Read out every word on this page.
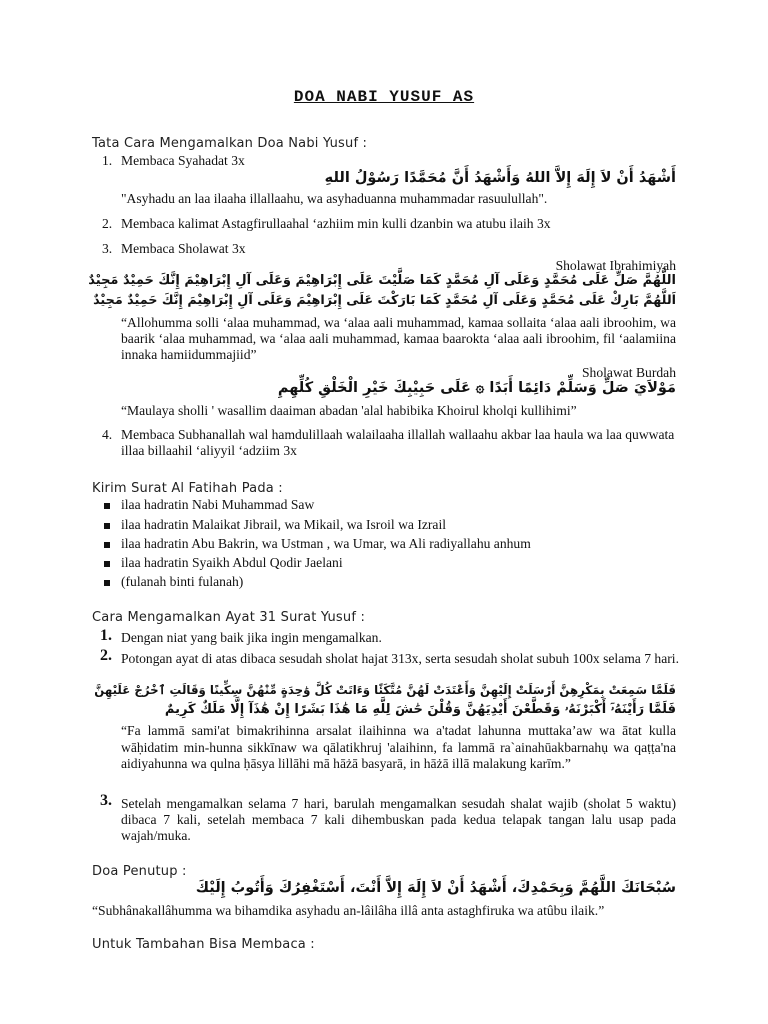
DOA NABI YUSUF AS
Tata Cara Mengamalkan Doa Nabi Yusuf :
1. Membaca Syahadat 3x
أَشْهَدُ أَنْ لاَ إِلَهَ إِلاَّ اللهُ وَأَشْهَدُ أَنَّ مُحَمَّدًا رَسُوْلُ اللهِ
"Asyhadu an laa ilaaha illallaahu, wa asyhaduanna muhammadar rasuulullah".
2. Membaca kalimat Astagfirullaahal ‘azhiim min kulli dzanbin wa atubu ilaih 3x
3. Membaca Sholawat 3x
Sholawat Ibrahimiyah
اللَّهُمَّ صَلِّ عَلَى مُحَمَّدٍ وَعَلَى آلِ مُحَمَّدٍ كَمَا صَلَّيْتَ عَلَى إِبْرَاهِيْمَ وَعَلَى آلِ إِبْرَاهِيْمَ إِنَّكَ حَمِيْدٌ مَجِيْدٌ
اَللَّهُمَّ بَارِكْ عَلَى مُحَمَّدٍ وَعَلَى آلِ مُحَمَّدٍ كَمَا بَارَكْتَ عَلَى إِبْرَاهِيْمَ وَعَلَى آلِ إِبْرَاهِيْمَ إِنَّكَ حَمِيْدٌ مَجِيْدٌ
“Allohumma solli ‘alaa muhammad, wa ‘alaa aali muhammad, kamaa sollaita ‘alaa aali ibroohim, wa baarik ‘alaa muhammad, wa ‘alaa aali muhammad, kamaa baarokta ‘alaa aali ibroohim, fil ‘aalamiina innaka hamiidummajiid”
Sholawat Burdah
مَوْلاَيَ صَلِّ وَسَلِّمْ دَائِمًا أَبَدًا ۞ عَلَى حَبِيْبِكَ خَيْرِ الْخَلْقِ كُلِّهِمِ
“Maulaya sholli ' wasallim daaiman abadan 'alal habibika Khoirul kholqi kullihimi”
4. Membaca Subhanallah wal hamdulillaah walailaaha illallah wallaahu akbar laa haula wa laa quwwata illaa billaahil ‘aliyyil ‘adziim 3x
Kirim Surat Al Fatihah Pada :
ilaa hadratin Nabi Muhammad Saw
ilaa hadratin Malaikat Jibrail, wa Mikail, wa Isroil wa Izrail
ilaa hadratin Abu Bakrin, wa Ustman , wa Umar, wa Ali radiyallahu anhum
ilaa hadratin Syaikh Abdul Qodir Jaelani
(fulanah binti fulanah)
Cara Mengamalkan Ayat 31 Surat Yusuf :
1. Dengan niat yang baik jika ingin mengamalkan.
2. Potongan ayat di atas dibaca sesudah sholat hajat 313x, serta sesudah sholat subuh 100x selama 7 hari.
فَلَمَّا سَمِعَتْ بِمَكْرِهِنَّ أَرْسَلَتْ إِلَيْهِنَّ وَأَعْتَدَتْ لَهُنَّ مُتَّكَئًا وَءَاتَتْ كُلَّ وَٰحِدَةٍ مِّنْهُنَّ سِكِّينًا وَقَالَتِ ٱخْرُجْ عَلَيْهِنَّ
فَلَمَّا رَأَيْنَهُۥٓ أَكْبَرْنَهُۥ وَقَطَّعْنَ أَيْدِيَهُنَّ وَقُلْنَ حَٰشَ لِلَّهِ مَا هَٰذَا بَشَرًا إِنْ هَٰذَآ إِلَّا مَلَكٌ كَرِيمٌ
“Fa lammā sami'at bimakrihinna arsalat ilaihinna wa a'tadat lahunna muttaka’aw wa ātat kulla wāḥidatim min-hunna sikkīnaw wa qālatikhruj 'alaihinn, fa lammā ra`ainahūakbarnahụ wa qaṭṭa'na aidiyahunna wa qulna ḥāsya lillāhi mā hāżā basyarā, in hāżā illā malakung karīm.”
3. Setelah mengamalkan selama 7 hari, barulah mengamalkan sesudah shalat wajib (sholat 5 waktu) dibaca 7 kali, setelah membaca 7 kali dihembuskan pada kedua telapak tangan lalu usap pada wajah/muka.
Doa Penutup :
سُبْحَانَكَ اللَّهُمَّ وَبِحَمْدِكَ، أَشْهَدُ أَنْ لاَ إِلَهَ إِلاَّ أَنْتَ، أَسْتَغْفِرُكَ وَأَتُوبُ إِلَيْكَ
“Subhânakallâhumma wa bihamdika asyhadu an-lâilâha illâ anta astaghfiruka wa atûbu ilaik.”
Untuk Tambahan Bisa Membaca :
